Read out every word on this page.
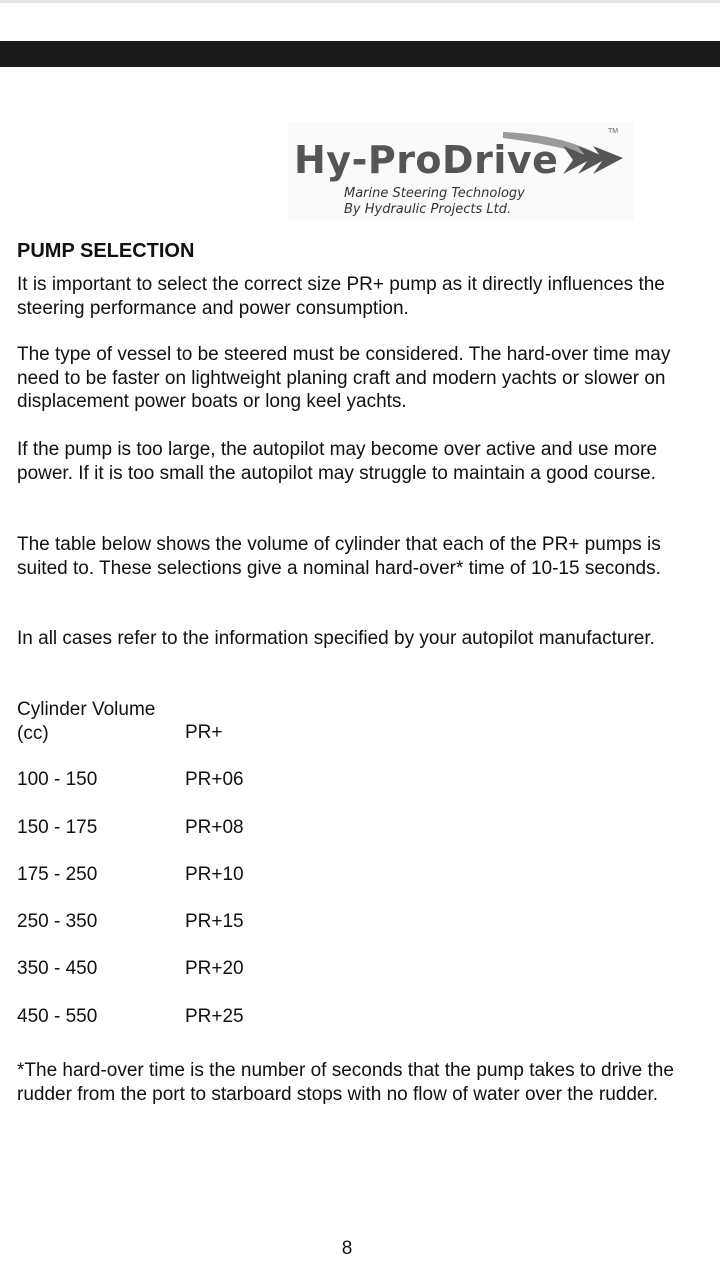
TM
Hy-ProDrive
Marine Steering Technology
By Hydraulic Projects Ltd.
PUMP SELECTION

It is important to select the correct size PR+ pump as it directly influences the steering performance and power consumption.

The type of vessel to be steered must be considered. The hard-over time may need to be faster on lightweight planing craft and modern yachts or slower on displacement power boats or long keel yachts.

If the pump is too large, the autopilot may become over active and use more power. If it is too small the autopilot may struggle to maintain a good course.

The table below shows the volume of cylinder that each of the PR+ pumps is suited to. These selections give a nominal hard-over* time of 10-15 seconds.

In all cases refer to the information specified by your autopilot manufacturer.

Cylinder Volume (cc)	PR+
100 - 150	PR+06
150 - 175	PR+08
175 - 250	PR+10
250 - 350	PR+15
350 - 450	PR+20
450 - 550	PR+25

*The hard-over time is the number of seconds that the pump takes to drive the rudder from the port to starboard stops with no flow of water over the rudder.

8
